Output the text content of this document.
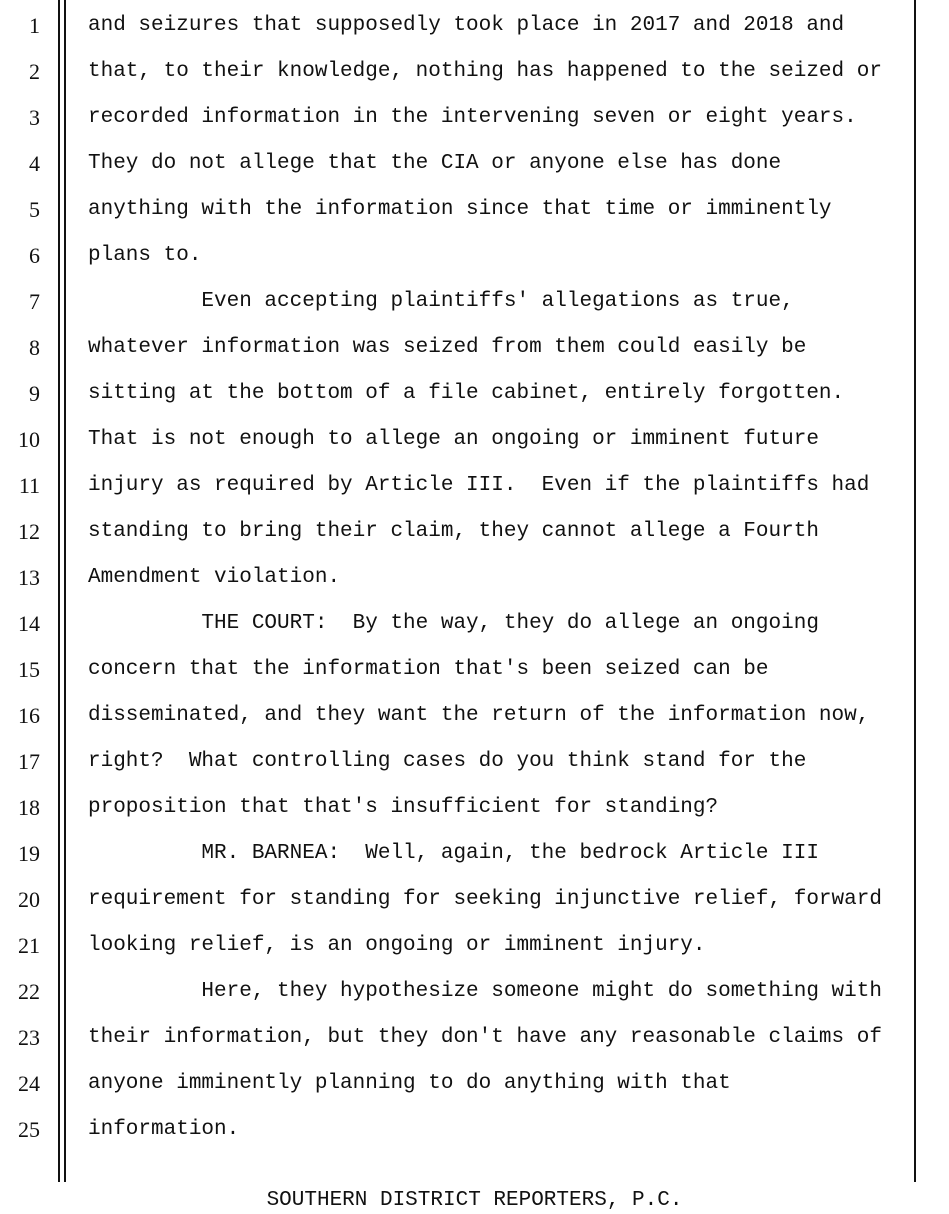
1 and seizures that supposedly took place in 2017 and 2018 and
2 that, to their knowledge, nothing has happened to the seized or
3 recorded information in the intervening seven or eight years.
4 They do not allege that the CIA or anyone else has done
5 anything with the information since that time or imminently
6 plans to.
7 Even accepting plaintiffs' allegations as true,
8 whatever information was seized from them could easily be
9 sitting at the bottom of a file cabinet, entirely forgotten.
10 That is not enough to allege an ongoing or imminent future
11 injury as required by Article III.  Even if the plaintiffs had
12 standing to bring their claim, they cannot allege a Fourth
13 Amendment violation.
14 THE COURT:  By the way, they do allege an ongoing
15 concern that the information that's been seized can be
16 disseminated, and they want the return of the information now,
17 right?  What controlling cases do you think stand for the
18 proposition that that's insufficient for standing?
19 MR. BARNEA:  Well, again, the bedrock Article III
20 requirement for standing for seeking injunctive relief, forward
21 looking relief, is an ongoing or imminent injury.
22 Here, they hypothesize someone might do something with
23 their information, but they don't have any reasonable claims of
24 anyone imminently planning to do anything with that
25 information.
SOUTHERN DISTRICT REPORTERS, P.C.
